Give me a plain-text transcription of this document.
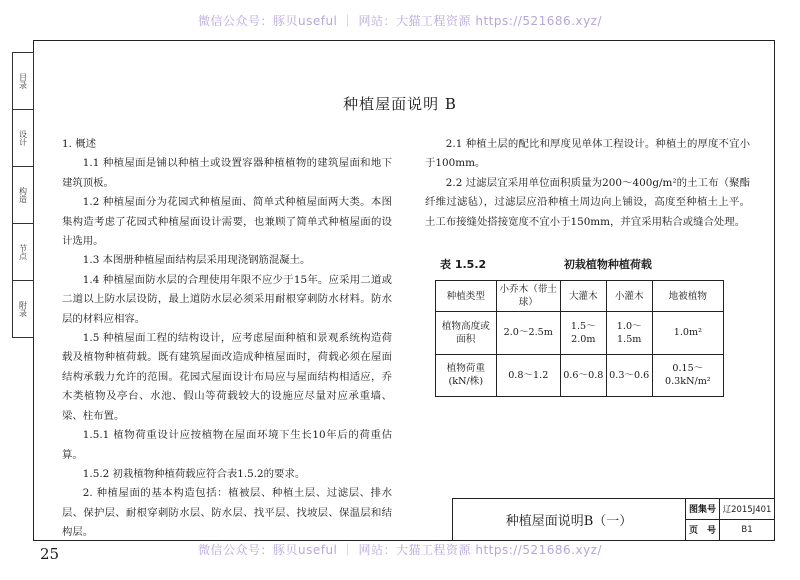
微信公众号：豚贝useful ｜ 网站：大猫工程资源 https://521686.xyz/
目录
设计
构造
节点
附录
种植屋面说明 B

1. 概述

1.1 种植屋面是铺以种植土或设置容器种植植物的建筑屋面和地下建筑顶板。

1.2 种植屋面分为花园式种植屋面、简单式种植屋面两大类。本图集构造考虑了花园式种植屋面设计需要，也兼顾了简单式种植屋面的设计选用。

1.3 本图册种植屋面结构层采用现浇钢筋混凝土。

1.4 种植屋面防水层的合理使用年限不应少于15年。应采用二道或二道以上防水层设防，最上道防水层必须采用耐根穿刺防水材料。防水层的材料应相容。

1.5 种植屋面工程的结构设计，应考虑屋面种植和景观系统构造荷载及植物种植荷载。既有建筑屋面改造成种植屋面时，荷载必须在屋面结构承载力允许的范围。花园式屋面设计布局应与屋面结构相适应，乔木类植物及亭台、水池、假山等荷载较大的设施应尽量对应承重墙、梁、柱布置。

1.5.1 植物荷重设计应按植物在屋面环境下生长10年后的荷重估算。

1.5.2 初栽植物种植荷载应符合表1.5.2的要求。

2. 种植屋面的基本构造包括：植被层、种植土层、过滤层、排水层、保护层、耐根穿刺防水层、防水层、找平层、找坡层、保温层和结构层。

2.1 种植土层的配比和厚度见单体工程设计。种植土的厚度不宜小于100mm。

2.2 过滤层宜采用单位面积质量为200～400g/m²的土工布（聚酯纤维过滤毡），过滤层应沿种植土周边向上铺设，高度至种植土上平。土工布接缝处搭接宽度不宜小于150mm，并宜采用粘合或缝合处理。

表 1.5.2	初栽植物种植荷载
种植类型	小乔木（带土球）	大灌木	小灌木	地被植物
植物高度或面积	2.0～2.5m	1.5～2.0m	1.0～1.5m	1.0m²
植物荷重(kN/株)	0.8～1.2	0.6～0.8	0.3～0.6	0.15～0.3kN/m²
种植屋面说明B（一）
图集号 辽2015J401
页　号	B1
25	微信公众号：豚贝useful ｜ 网站：大猫工程资源 https://521686.xyz/
